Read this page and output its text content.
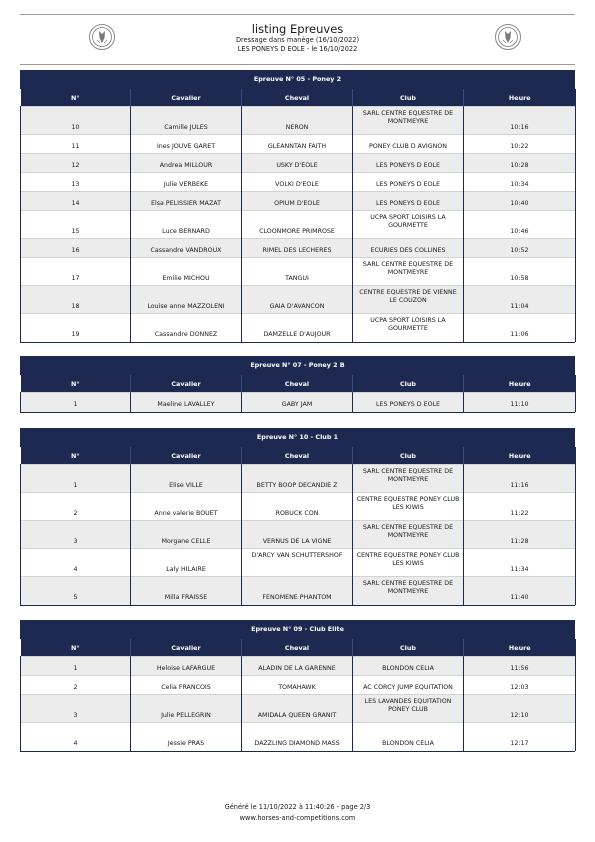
listing Epreuves
Dressage dans manège (16/10/2022)
LES PONEYS D EOLE - le 16/10/2022
Epreuve N° 05 - Poney 2
N°	Cavalier	Cheval	Club	Heure
10	Camille JULES	NERON	SARL CENTRE EQUESTRE DE MONTMEYRE	10:16
11	Ines JOUVE GARET	GLEANNTAN FAITH	PONEY CLUB D AVIGNON	10:22
12	Andrea MILLOUR	USKY D'EOLE	LES PONEYS D EOLE	10:28
13	Julie VERBEKE	VOLKI D'EOLE	LES PONEYS D EOLE	10:34
14	Elsa PELISSIER MAZAT	OPIUM D'EOLE	LES PONEYS D EOLE	10:40
15	Luce BERNARD	CLOONMORE PRIMROSE	UCPA SPORT LOISIRS LA GOURMETTE	10:46
16	Cassandre VANDROUX	RIMEL DES LECHERES	ECURIES DES COLLINES	10:52
17	Emilie MICHOU	TANGUI	SARL CENTRE EQUESTRE DE MONTMEYRE	10:58
18	Louise anne MAZZOLENI	GAIA D'AVANCON	CENTRE EQUESTRE DE VIENNE LE COUZON	11:04
19	Cassandre DONNEZ	DAMZELLE D'AUJOUR	UCPA SPORT LOISIRS LA GOURMETTE	11:06
Epreuve N° 07 - Poney 2 B
N°	Cavalier	Cheval	Club	Heure
1	Maeline LAVALLEY	GABY JAM	LES PONEYS D EOLE	11:10
Epreuve N° 10 - Club 1
N°	Cavalier	Cheval	Club	Heure
1	Elise VILLE	BETTY BOOP DECANDIE Z	SARL CENTRE EQUESTRE DE MONTMEYRE	11:16
2	Anne valerie BOUET	ROBUCK CON	CENTRE EQUESTRE PONEY CLUB LES KIWIS	11:22
3	Morgane CELLE	VERNUS DE LA VIGNE	SARL CENTRE EQUESTRE DE MONTMEYRE	11:28
4	Laly HILAIRE	D'ARCY VAN SCHUTTERSHOF	CENTRE EQUESTRE PONEY CLUB LES KIWIS	11:34
5	Milla FRAISSE	FENOMENE PHANTOM	SARL CENTRE EQUESTRE DE MONTMEYRE	11:40
Epreuve N° 09 - Club Elite
N°	Cavalier	Cheval	Club	Heure
1	Heloise LAFARGUE	ALADIN DE LA GARENNE	BLONDON CELIA	11:56
2	Celia FRANCOIS	TOMAHAWK	AC CORCY JUMP EQUITATION	12:03
3	Julie PELLEGRIN	AMIDALA QUEEN GRANIT	LES LAVANDES EQUITATION PONEY CLUB	12:10
4	Jessie PRAS	DAZZLING DIAMOND MASS	BLONDON CELIA	12:17
Généré le 11/10/2022 à 11:40:26 - page 2/3
www.horses-and-competitions.com
